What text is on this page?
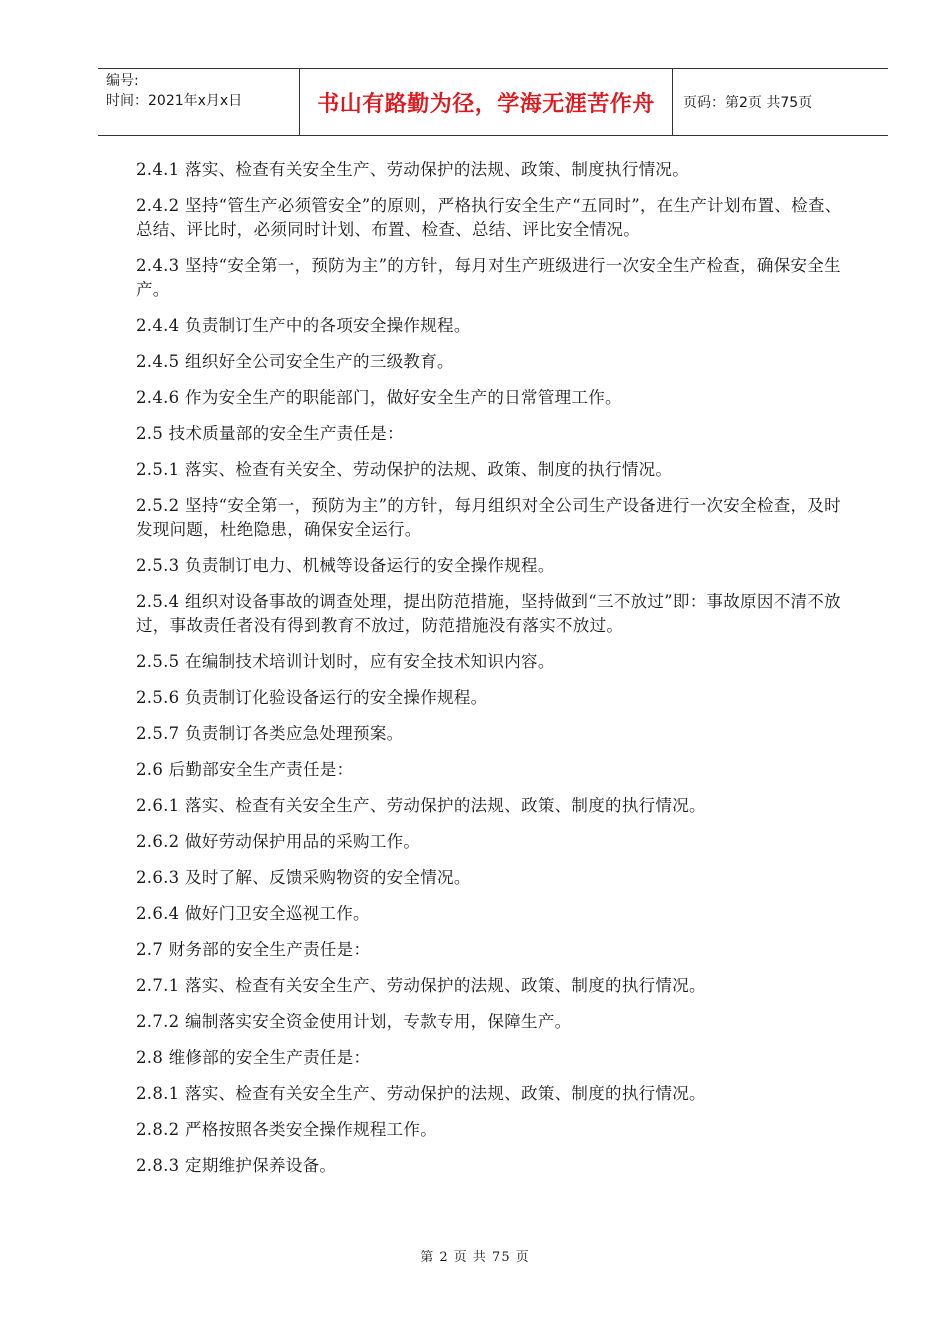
编号:
时间：2021年x月x日	书山有路勤为径，学海无涯苦作舟	页码：第2页 共75页

2.4.1 落实、检查有关安全生产、劳动保护的法规、政策、制度执行情况。

2.4.2 坚持“管生产必须管安全”的原则，严格执行安全生产“五同时”，在生产计划布置、检查、总结、评比时，必须同时计划、布置、检查、总结、评比安全情况。

2.4.3 坚持“安全第一，预防为主”的方针，每月对生产班级进行一次安全生产检查，确保安全生产。

2.4.4 负责制订生产中的各项安全操作规程。

2.4.5 组织好全公司安全生产的三级教育。

2.4.6 作为安全生产的职能部门，做好安全生产的日常管理工作。

2.5 技术质量部的安全生产责任是：

2.5.1 落实、检查有关安全、劳动保护的法规、政策、制度的执行情况。

2.5.2 坚持“安全第一，预防为主”的方针，每月组织对全公司生产设备进行一次安全检查，及时发现问题，杜绝隐患，确保安全运行。

2.5.3 负责制订电力、机械等设备运行的安全操作规程。

2.5.4 组织对设备事故的调查处理，提出防范措施，坚持做到“三不放过”即：事故原因不清不放过，事故责任者没有得到教育不放过，防范措施没有落实不放过。

2.5.5 在编制技术培训计划时，应有安全技术知识内容。

2.5.6 负责制订化验设备运行的安全操作规程。

2.5.7 负责制订各类应急处理预案。

2.6 后勤部安全生产责任是：

2.6.1 落实、检查有关安全生产、劳动保护的法规、政策、制度的执行情况。

2.6.2 做好劳动保护用品的采购工作。

2.6.3 及时了解、反馈采购物资的安全情况。

2.6.4 做好门卫安全巡视工作。

2.7 财务部的安全生产责任是：

2.7.1 落实、检查有关安全生产、劳动保护的法规、政策、制度的执行情况。

2.7.2 编制落实安全资金使用计划，专款专用，保障生产。

2.8 维修部的安全生产责任是：

2.8.1 落实、检查有关安全生产、劳动保护的法规、政策、制度的执行情况。

2.8.2 严格按照各类安全操作规程工作。

2.8.3 定期维护保养设备。

第 2 页 共 75 页
